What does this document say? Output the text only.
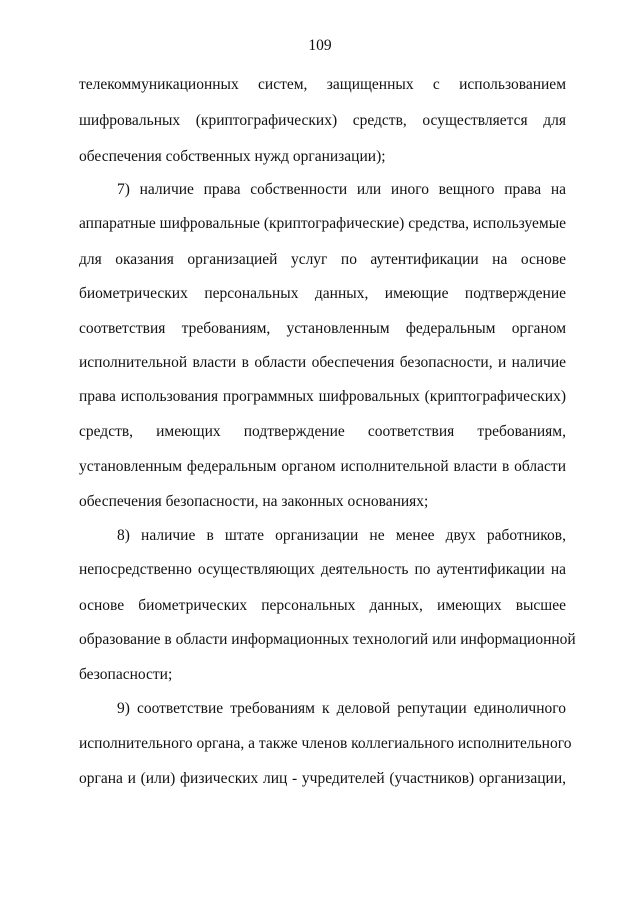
109
телекоммуникационных систем, защищенных с использованием
шифровальных (криптографических) средств, осуществляется для
обеспечения собственных нужд организации);
7) наличие права собственности или иного вещного права на
аппаратные шифровальные (криптографические) средства, используемые
для оказания организацией услуг по аутентификации на основе
биометрических персональных данных, имеющие подтверждение
соответствия требованиям, установленным федеральным органом
исполнительной власти в области обеспечения безопасности, и наличие
права использования программных шифровальных (криптографических)
средств, имеющих подтверждение соответствия требованиям,
установленным федеральным органом исполнительной власти в области
обеспечения безопасности, на законных основаниях;
8) наличие в штате организации не менее двух работников,
непосредственно осуществляющих деятельность по аутентификации на
основе биометрических персональных данных, имеющих высшее
образование в области информационных технологий или информационной
безопасности;
9) соответствие требованиям к деловой репутации единоличного
исполнительного органа, а также членов коллегиального исполнительного
органа и (или) физических лиц - учредителей (участников) организации,
